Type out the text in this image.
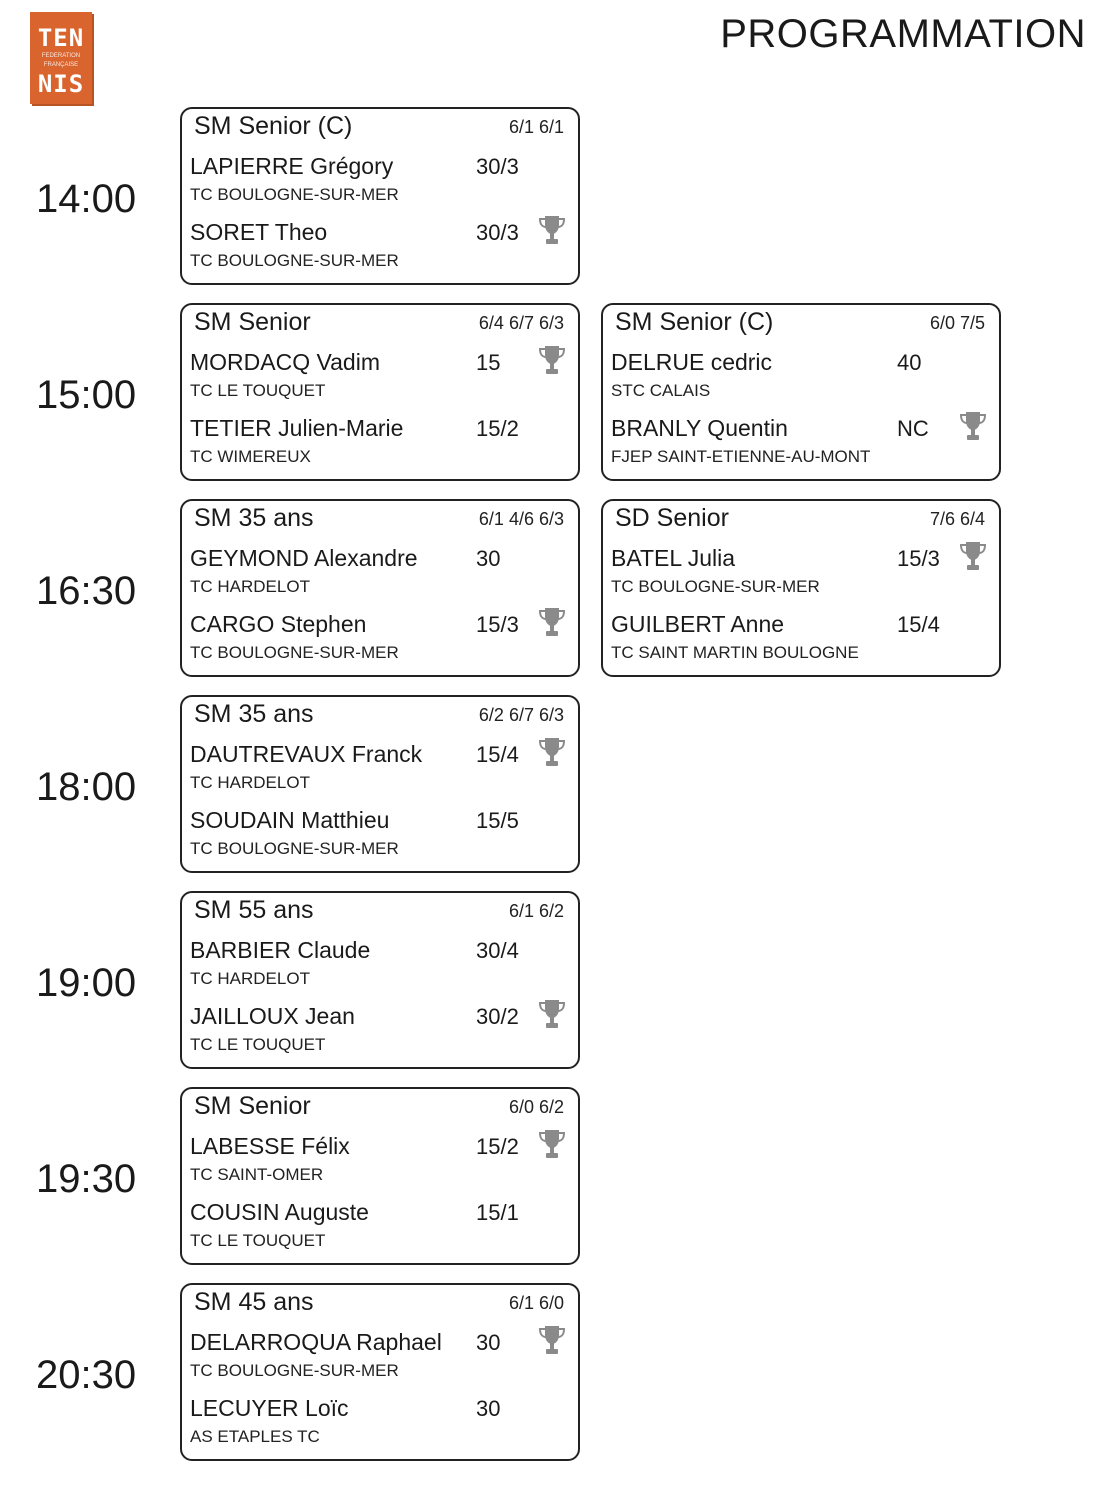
TEN
FÉDÉRATION FRANÇAISE
NIS
PROGRAMMATION
14:00
SM Senior (C)	6/1 6/1
LAPIERRE Grégory	30/3
TC BOULOGNE-SUR-MER
SORET Theo	30/3
TC BOULOGNE-SUR-MER
15:00
SM Senior	6/4 6/7 6/3
MORDACQ Vadim	15
TC LE TOUQUET
TETIER Julien-Marie	15/2
TC WIMEREUX
SM Senior (C)	6/0 7/5
DELRUE cedric	40
STC CALAIS
BRANLY Quentin	NC
FJEP SAINT-ETIENNE-AU-MONT
16:30
SM 35 ans	6/1 4/6 6/3
GEYMOND Alexandre	30
TC HARDELOT
CARGO Stephen	15/3
TC BOULOGNE-SUR-MER
SD Senior	7/6 6/4
BATEL Julia	15/3
TC BOULOGNE-SUR-MER
GUILBERT Anne	15/4
TC SAINT MARTIN BOULOGNE
18:00
SM 35 ans	6/2 6/7 6/3
DAUTREVAUX Franck 15/4
TC HARDELOT
SOUDAIN Matthieu	15/5
TC BOULOGNE-SUR-MER
19:00
SM 55 ans	6/1 6/2
BARBIER Claude	30/4
TC HARDELOT
JAILLOUX Jean	30/2
TC LE TOUQUET
19:30
SM Senior	6/0 6/2
LABESSE Félix	15/2
TC SAINT-OMER
COUSIN Auguste	15/1
TC LE TOUQUET
20:30
SM 45 ans	6/1 6/0
DELARROQUA Raphael 30
TC BOULOGNE-SUR-MER
LECUYER Loïc	30
AS ETAPLES TC
